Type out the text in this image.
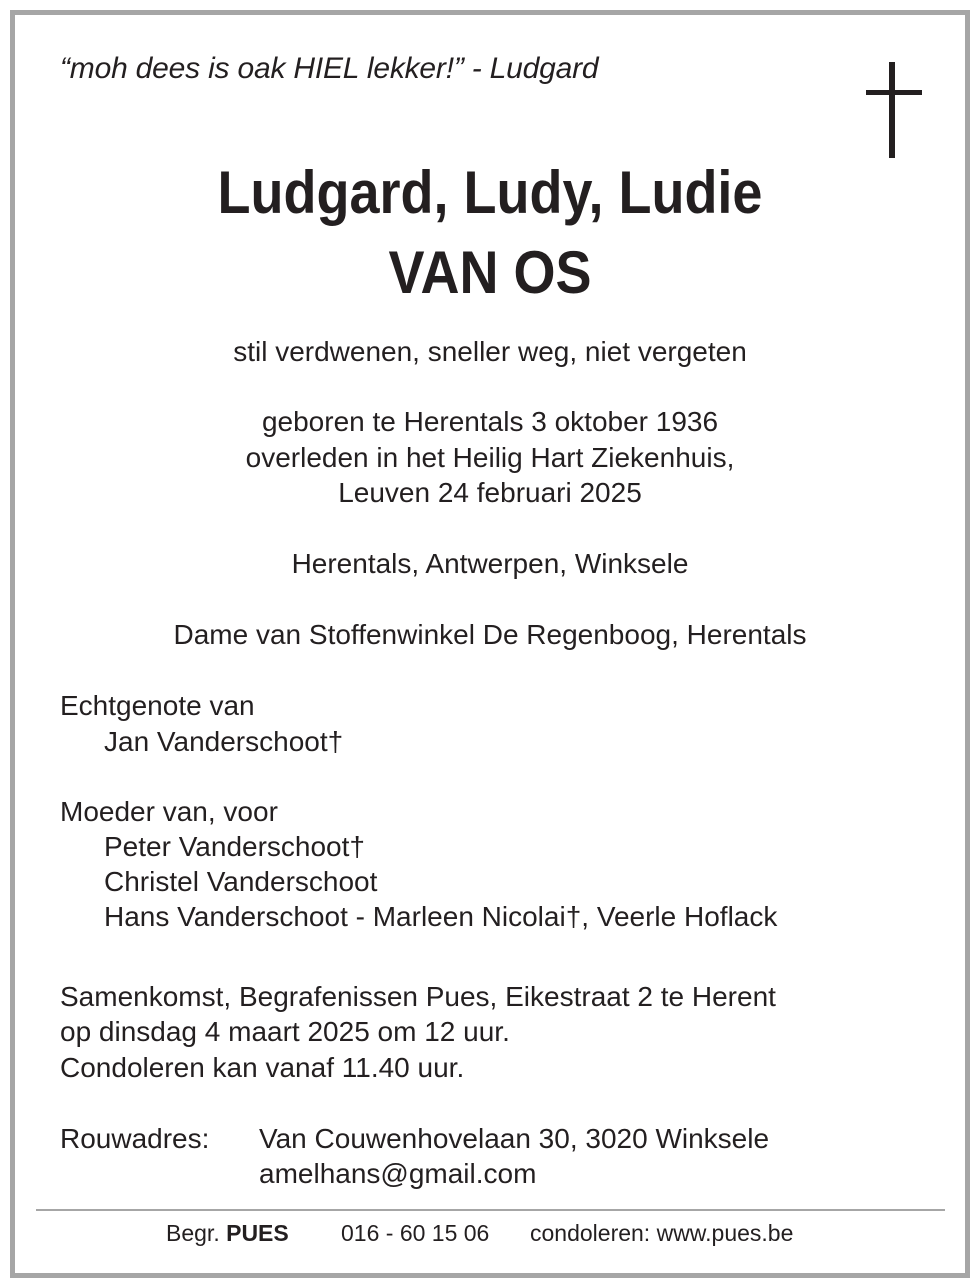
“moh dees is oak HIEL lekker!” - Ludgard
Ludgard, Ludy, Ludie
VAN OS
stil verdwenen, sneller weg, niet vergeten
geboren te Herentals 3 oktober 1936
overleden in het Heilig Hart Ziekenhuis,
Leuven 24 februari 2025
Herentals, Antwerpen, Winksele
Dame van Stoffenwinkel De Regenboog, Herentals
Echtgenote van
Jan Vanderschoot†
Moeder van, voor
Peter Vanderschoot†
Christel Vanderschoot
Hans Vanderschoot - Marleen Nicolai†, Veerle Hoflack
Samenkomst, Begrafenissen Pues, Eikestraat 2 te Herent
op dinsdag 4 maart 2025 om 12 uur.
Condoleren kan vanaf 11.40 uur.
Rouwadres: Van Couwenhovelaan 30, 3020 Winksele
amelhans@gmail.com
Begr. PUES 016 - 60 15 06 condoleren: www.pues.be
